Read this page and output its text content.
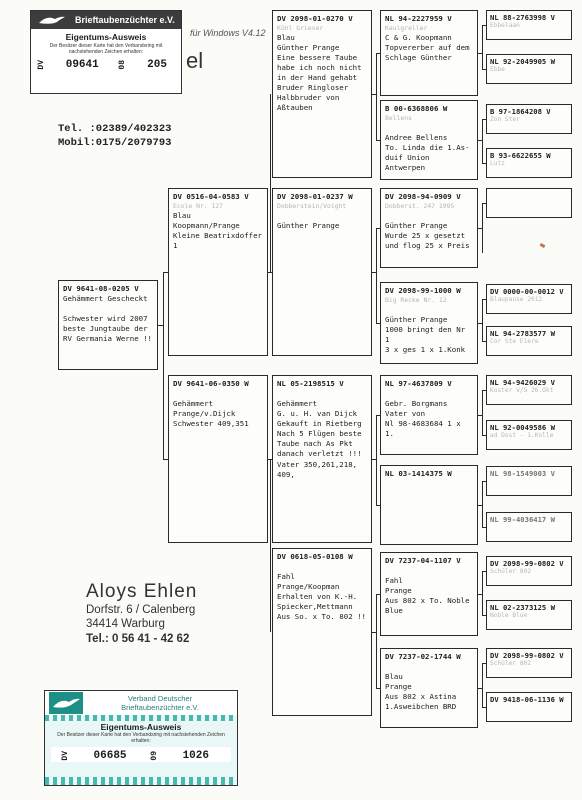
Brieftaubenzüchter e.V.
Eigentums-Ausweis
Der Besitzer dieser Karte hat den Verbandsring mit nachstehenden Zeichen erhalten:
DV 09641 08 205
für Windows V4.12
el
Tel. :02389/402323
Mobil:0175/2079793
Aloys Ehlen
Dorfstr. 6 / Calenberg
34414 Warburg
Tel.: 0 56 41 - 42 62
Verband Deutscher
Brieftaubenzüchter e.V.
Eigentums-Ausweis
Der Besitzer dieser Karte hat den Verbandsring mit nachstehenden Zeichen erhalten:
DV 06685	09 1026
DV 9641-08-0205 V
Gehämmert Gescheckt

Schwester wird 2007
beste Jungtaube der
RV Germania Werne !!
DV 0516-04-0583 V
Ecole Nr. 127
Blau
Koopmann/Prange
Kleine Beatrixdoffer
1
DV 9641-06-0350 W

Gehämmert
Prange/v.Dijck
Schwester 409,351
DV 2098-01-0270 V
Kühl Grieser
Blau
Günther Prange
Eine bessere Taube
habe ich noch nicht
in der Hand gehabt
Bruder Ringloser
Halbbruder von
Aßtauben
DV 2098-01-0237 W
Dobberstein/Voight

Günther Prange
NL 05-2198515 V

Gehämmert
G. u. H. van Dijck
Gekauft in Rietberg
Nach 5 Flügen beste
Taube nach As Pkt
danach verletzt !!!
Vater 350,261,218,
409,
DV 0618-05-0108 W

Fahl
Prange/Koopman
Erhalten von K.-H.
Spiecker,Mettmann
Aus So. x To. 802 !!
NL 94-2227959 V
Kaulgreller
C & G. Koopmann
Topvererber auf dem
Schlage Günther
B 00-6368806 W
Bellens

Andree Bellens
To. Linda die 1.As-
duif Union Antwerpen
DV 2098-94-0909 V
Dobberst. 247 1995

Günther Prange
Wurde 25 x gesetzt
und flog 25 x Preis
DV 2098-99-1000 W
Big Recke Nr. 12

Günther Prange
1000 bringt den Nr 1
3 x ges 1 x 1.Konk
NL 97-4637809 V

Gebr. Borgmans
Vater von
Nl 98-4683684 1 x 1.
NL 03-1414375 W
DV 7237-04-1107 V
Fahl
Prange
Aus 802 x To. Noble
Blue
DV 7237-02-1744 W

Blau
Prange
Aus 802 x Astina
1.Asweibchen BRD
NL 88-2763998 V
Ebbelaan
NL 92-2049905 W
Ebbe
B 97-1864208 V
Zon Ster
B 93-6622655 W
Lutz
DV 0000-00-0012 V
Blaupause 2012
NL 94-2783577 W
Cor Ste Eiere
NL 94-9426029 V
Koster V/S 26.Okt
NL 92-0049586 W
ad Dost - 1.Kolle
NL 98-1549003 V
NL 99-4036417 W
DV 2098-99-0802 V
Schüler 802
NL 02-2373125 W
Noble Blue
DV 2098-99-0802 V
Schüler 802
DV 9418-06-1136 W
